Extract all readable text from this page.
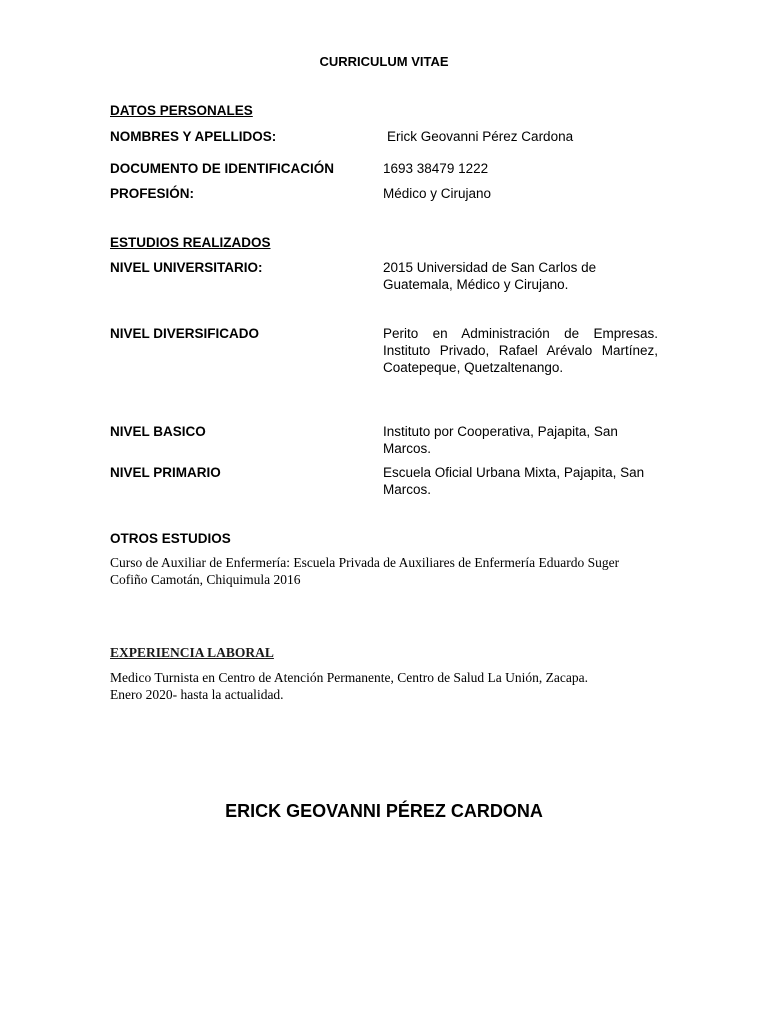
CURRICULUM VITAE
DATOS PERSONALES
NOMBRES Y APELLIDOS:	Erick Geovanni Pérez Cardona
DOCUMENTO DE IDENTIFICACIÓN	1693 38479 1222
PROFESIÓN:	Médico y Cirujano
ESTUDIOS REALIZADOS
NIVEL UNIVERSITARIO:	2015 Universidad de San Carlos de Guatemala, Médico y Cirujano.
NIVEL DIVERSIFICADO	Perito en Administración de Empresas. Instituto Privado, Rafael Arévalo Martínez, Coatepeque, Quetzaltenango.
NIVEL BASICO	Instituto por Cooperativa, Pajapita, San Marcos.
NIVEL PRIMARIO	Escuela Oficial Urbana Mixta, Pajapita, San Marcos.
OTROS ESTUDIOS
Curso de Auxiliar de Enfermería: Escuela Privada de Auxiliares de Enfermería Eduardo Suger Cofiño Camotán, Chiquimula 2016
EXPERIENCIA LABORAL
Medico Turnista en Centro de Atención Permanente, Centro de Salud La Unión, Zacapa. Enero 2020- hasta la actualidad.
ERICK GEOVANNI PÉREZ CARDONA
